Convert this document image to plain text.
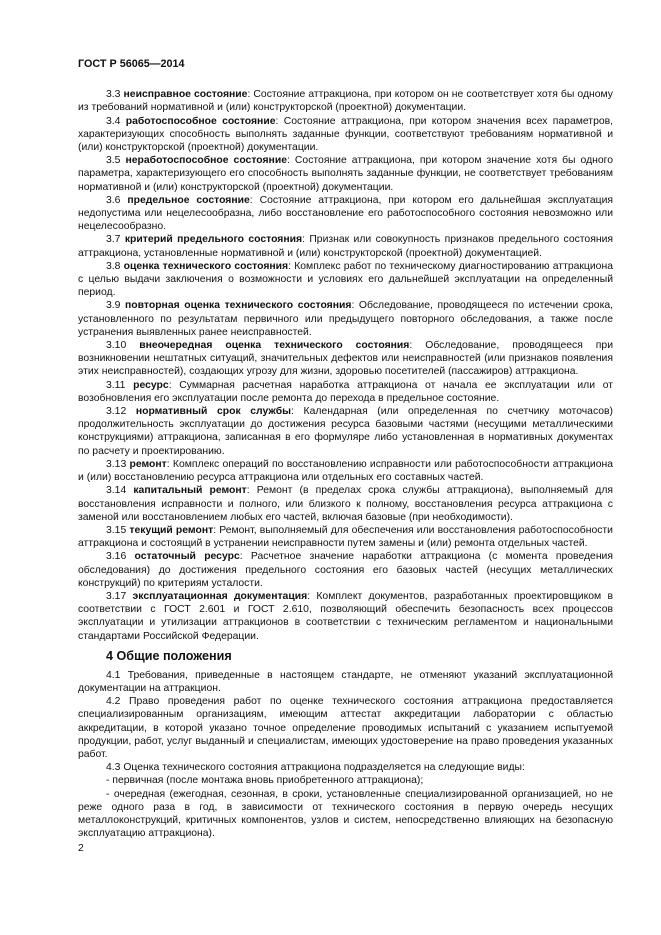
ГОСТ Р 56065—2014

3.3 неисправное состояние: Состояние аттракциона, при котором он не соответствует хотя бы одному из требований нормативной и (или) конструкторской (проектной) документации.

3.4 работоспособное состояние: Состояние аттракциона, при котором значения всех параметров, характеризующих способность выполнять заданные функции, соответствуют требованиям нормативной и (или) конструкторской (проектной) документации.

3.5 неработоспособное состояние: Состояние аттракциона, при котором значение хотя бы одного параметра, характеризующего его способность выполнять заданные функции, не соответствует требованиям нормативной и (или) конструкторской (проектной) документации.

3.6 предельное состояние: Состояние аттракциона, при котором его дальнейшая эксплуатация недопустима или нецелесообразна, либо восстановление его работоспособного состояния невозможно или нецелесообразно.

3.7 критерий предельного состояния: Признак или совокупность признаков предельного состояния аттракциона, установленные нормативной и (или) конструкторской (проектной) документацией.

3.8 оценка технического состояния: Комплекс работ по техническому диагностированию аттракциона с целью выдачи заключения о возможности и условиях его дальнейшей эксплуатации на определенный период.

3.9 повторная оценка технического состояния: Обследование, проводящееся по истечении срока, установленного по результатам первичного или предыдущего повторного обследования, а также после устранения выявленных ранее неисправностей.

3.10 внеочередная оценка технического состояния: Обследование, проводящееся при возникновении нештатных ситуаций, значительных дефектов или неисправностей (или признаков появления этих неисправностей), создающих угрозу для жизни, здоровью посетителей (пассажиров) аттракциона.

3.11 ресурс: Суммарная расчетная наработка аттракциона от начала ее эксплуатации или от возобновления его эксплуатации после ремонта до перехода в предельное состояние.

3.12 нормативный срок службы: Календарная (или определенная по счетчику моточасов) продолжительность эксплуатации до достижения ресурса базовыми частями (несущими металлическими конструкциями) аттракциона, записанная в его формуляре либо установленная в нормативных документах по расчету и проектированию.

3.13 ремонт: Комплекс операций по восстановлению исправности или работоспособности аттракциона и (или) восстановлению ресурса аттракциона или отдельных его составных частей.

3.14 капитальный ремонт: Ремонт (в пределах срока службы аттракциона), выполняемый для восстановления исправности и полного, или близкого к полному, восстановления ресурса аттракциона с заменой или восстановлением любых его частей, включая базовые (при необходимости).

3.15 текущий ремонт: Ремонт, выполняемый для обеспечения или восстановления работоспособности аттракциона и состоящий в устранении неисправности путем замены и (или) ремонта отдельных частей.

3.16 остаточный ресурс: Расчетное значение наработки аттракциона (с момента проведения обследования) до достижения предельного состояния его базовых частей (несущих металлических конструкций) по критериям усталости.

3.17 эксплуатационная документация: Комплект документов, разработанных проектировщиком в соответствии с ГОСТ 2.601 и ГОСТ 2.610, позволяющий обеспечить безопасность всех процессов эксплуатации и утилизации аттракционов в соответствии с техническим регламентом и национальными стандартами Российской Федерации.

4 Общие положения

4.1 Требования, приведенные в настоящем стандарте, не отменяют указаний эксплуатационной документации на аттракцион.

4.2 Право проведения работ по оценке технического состояния аттракциона предоставляется специализированным организациям, имеющим аттестат аккредитации лаборатории с областью аккредитации, в которой указано точное определение проводимых испытаний с указанием испытуемой продукции, работ, услуг выданный и специалистам, имеющих удостоверение на право проведения указанных работ.

4.3 Оценка технического состояния аттракциона подразделяется на следующие виды:

- первичная (после монтажа вновь приобретенного аттракциона);

- очередная (ежегодная, сезонная, в сроки, установленные специализированной организацией, но не реже одного раза в год, в зависимости от технического состояния в первую очередь несущих металлоконструкций, критичных компонентов, узлов и систем, непосредственно влияющих на безопасную эксплуатацию аттракциона).

2
